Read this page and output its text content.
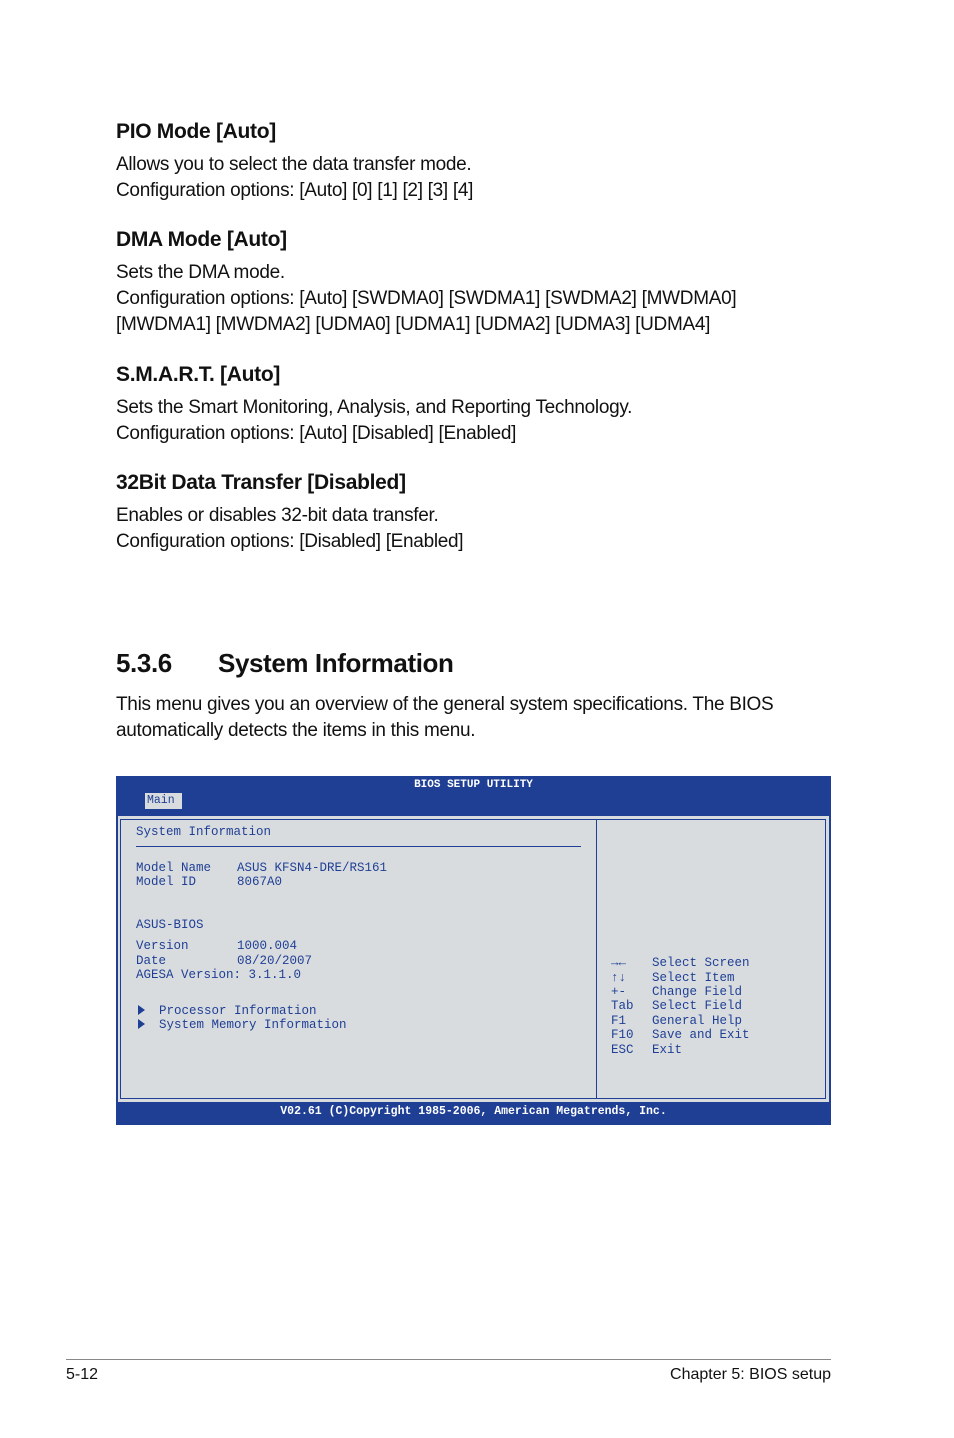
PIO Mode [Auto]

Allows you to select the data transfer mode.

Configuration options: [Auto] [0] [1] [2] [3] [4]

DMA Mode [Auto]

Sets the DMA mode.

Configuration options: [Auto] [SWDMA0] [SWDMA1] [SWDMA2] [MWDMA0]

[MWDMA1] [MWDMA2] [UDMA0] [UDMA1] [UDMA2] [UDMA3] [UDMA4]

S.M.A.R.T. [Auto]

Sets the Smart Monitoring, Analysis, and Reporting Technology.

Configuration options: [Auto] [Disabled] [Enabled]

32Bit Data Transfer [Disabled]

Enables or disables 32-bit data transfer.

Configuration options: [Disabled] [Enabled]

5.3.6 System Information

This menu gives you an overview of the general system specifications. The BIOS

automatically detects the items in this menu.

BIOS SETUP UTILITY
Main
System Information
Model Name ASUS KFSN4-DRE/RS161
Model ID	8067A0
ASUS-BIOS
Version	1000.004
Date	08/20/2007
AGESA Version: 3.1.1.0
Processor Information
System Memory Information
→← Select Screen
↑↓ Select Item
+- Change Field
Tab Select Field
F1 General Help
F10 Save and Exit
ESC Exit
V02.61 (C)Copyright 1985-2006, American Megatrends, Inc.
5-12	Chapter 5: BIOS setup
